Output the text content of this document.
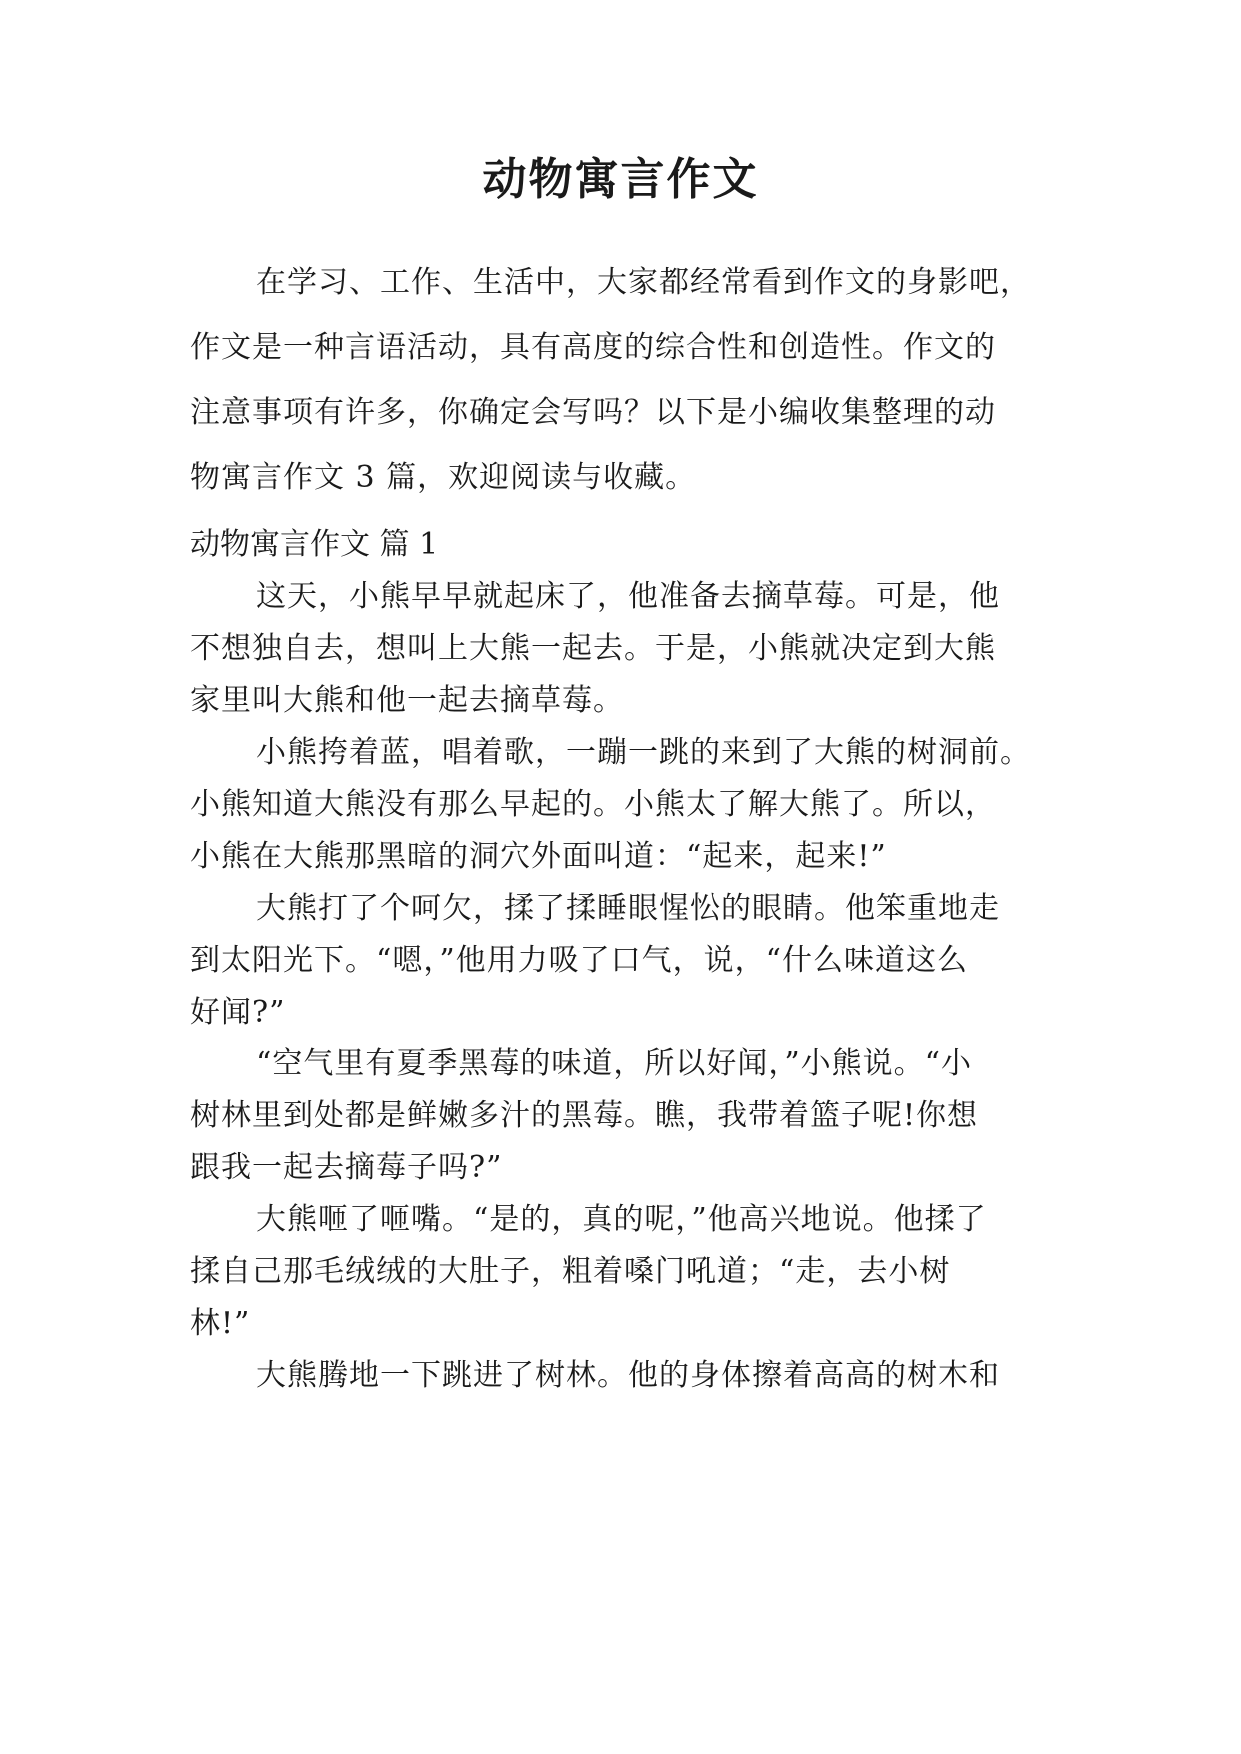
动物寓言作文
在学习、工作、生活中，大家都经常看到作文的身影吧，
作文是一种言语活动，具有高度的综合性和创造性。作文的
注意事项有许多，你确定会写吗？以下是小编收集整理的动
物寓言作文 3 篇，欢迎阅读与收藏。
动物寓言作文 篇 1
这天，小熊早早就起床了，他准备去摘草莓。可是，他
不想独自去，想叫上大熊一起去。于是，小熊就决定到大熊
家里叫大熊和他一起去摘草莓。
小熊挎着蓝，唱着歌，一蹦一跳的来到了大熊的树洞前。
小熊知道大熊没有那么早起的。小熊太了解大熊了。所以，
小熊在大熊那黑暗的洞穴外面叫道：“起来，起来!”
大熊打了个呵欠，揉了揉睡眼惺忪的眼睛。他笨重地走
到太阳光下。“嗯，”他用力吸了口气，说，“什么味道这么
好闻?”
“空气里有夏季黑莓的味道，所以好闻，”小熊说。“小
树林里到处都是鲜嫩多汁的黑莓。瞧，我带着篮子呢!你想
跟我一起去摘莓子吗?”
大熊咂了咂嘴。“是的，真的呢，”他高兴地说。他揉了
揉自己那毛绒绒的大肚子，粗着嗓门吼道；“走，去小树
林!”
大熊腾地一下跳进了树林。他的身体擦着高高的树木和
